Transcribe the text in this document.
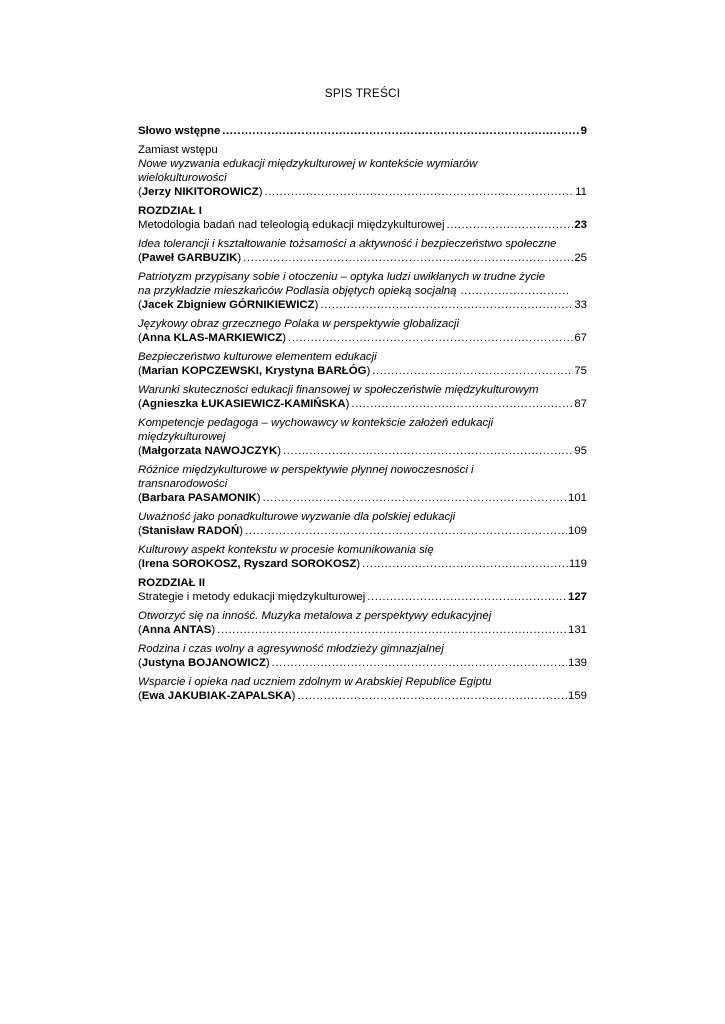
SPIS TREŚCI
Słowo wstępne .....	9
Zamiast wstępu
Nowe wyzwania edukacji międzykulturowej w kontekście wymiarów
wielokulturowości
(Jerzy NIKITOROWICZ) .....	11
ROZDZIAŁ I
Metodologia badań nad teleologią edukacji międzykulturowej .....	23
Idea tolerancji i kształtowanie tożsamości a aktywność i bezpieczeństwo społeczne
(Paweł GARBUZIK) .....	25
Patriotyzm przypisany sobie i otoczeniu – optyka ludzi uwikłanych w trudne życie
na przykładzie mieszkańców Podlasia objętych opieką socjalną .............................
(Jacek Zbigniew GÓRNIKIEWICZ) .....	33
Językowy obraz grzecznego Polaka w perspektywie globalizacji
(Anna KLAS-MARKIEWICZ) .....	67
Bezpieczeństwo kulturowe elementem edukacji
(Marian KOPCZEWSKI, Krystyna BARŁÓG) .....	75
Warunki skuteczności edukacji finansowej w społeczeństwie międzykulturowym
(Agnieszka ŁUKASIEWICZ-KAMIŃSKA) .....	87
Kompetencje pedagoga – wychowawcy w kontekście założeń edukacji
międzykulturowej
(Małgorzata NAWOJCZYK) .....	95
Różnice międzykulturowe w perspektywie płynnej nowoczesności i
transnarodowości
(Barbara PASAMONIK) .....	101
Uważność jako ponadkulturowe wyzwanie dla polskiej edukacji
(Stanisław RADOŃ) .....	109
Kulturowy aspekt kontekstu w procesie komunikowania się
(Irena SOROKOSZ, Ryszard SOROKOSZ) .....	119
ROZDZIAŁ II
Strategie i metody edukacji międzykulturowej .....	127
Otworzyć się na inność. Muzyka metalowa z perspektywy edukacyjnej
(Anna ANTAS) .....	131
Rodzina i czas wolny a agresywność młodzieży gimnazjalnej
(Justyna BOJANOWICZ) .....	139
Wsparcie i opieka nad uczniem zdolnym w Arabskiej Republice Egiptu
(Ewa JAKUBIAK-ZAPALSKA) .....	159
